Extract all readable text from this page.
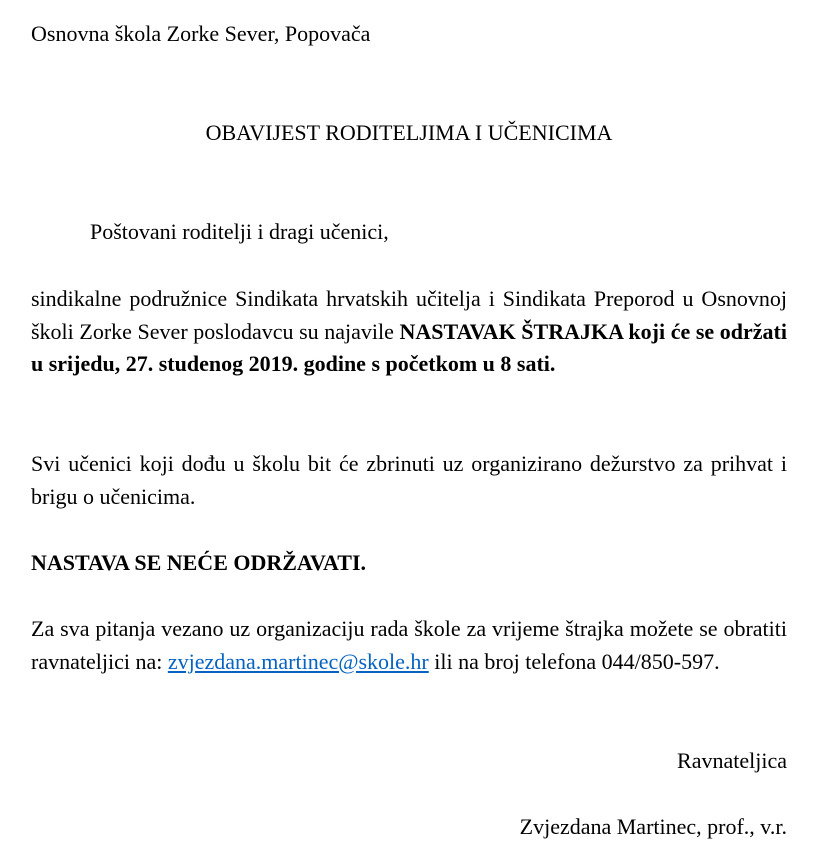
Osnovna škola Zorke Sever, Popovača
OBAVIJEST RODITELJIMA I UČENICIMA
Poštovani roditelji i dragi učenici,
sindikalne podružnice Sindikata hrvatskih učitelja i Sindikata Preporod u Osnovnoj školi Zorke Sever poslodavcu su najavile NASTAVAK ŠTRAJKA koji će se održati u srijedu, 27. studenog 2019. godine s početkom u 8 sati.
Svi učenici koji dođu u školu bit će zbrinuti uz organizirano dežurstvo za prihvat i brigu o učenicima.
NASTAVA SE NEĆE ODRŽAVATI.
Za sva pitanja vezano uz organizaciju rada škole za vrijeme štrajka možete se obratiti ravnateljici na: zvjezdana.martinec@skole.hr ili na broj telefona 044/850-597.
Ravnateljica
Zvjezdana Martinec, prof., v.r.
